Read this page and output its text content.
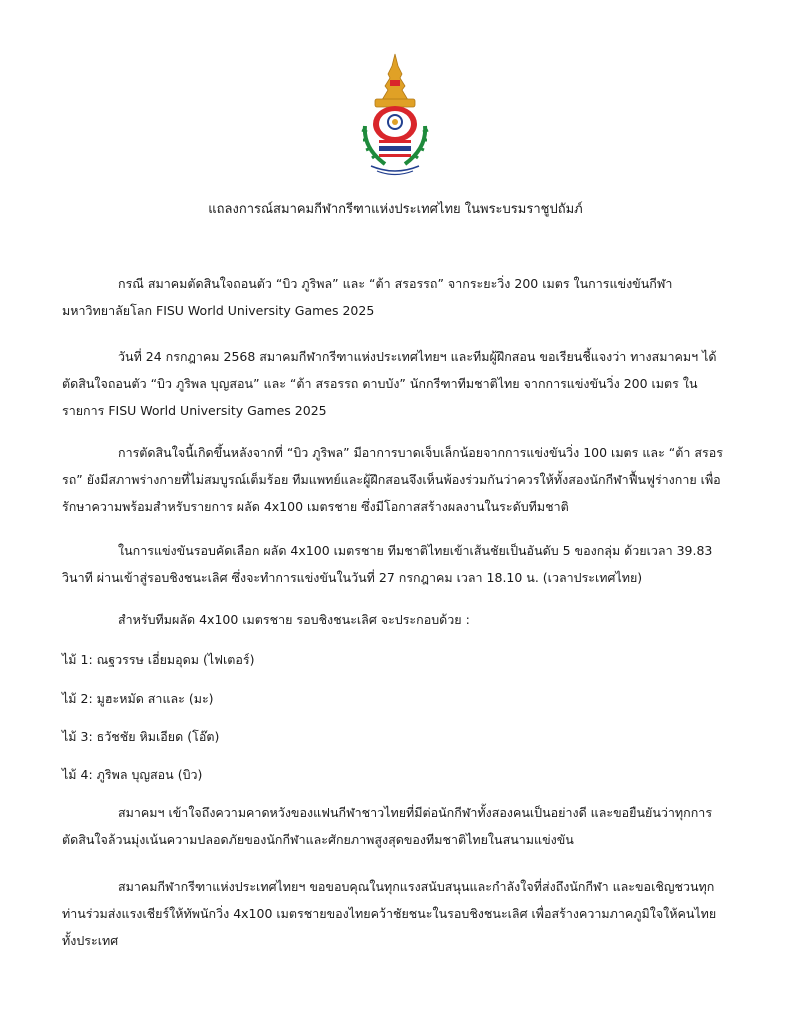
แถลงการณ์สมาคมกีฬากรีฑาแห่งประเทศไทย ในพระบรมราชูปถัมภ์

กรณี สมาคมตัดสินใจถอนตัว “บิว ภูริพล” และ “ต้า สรอรรถ” จากระยะวิ่ง 200 เมตร ในการแข่งขันกีฬามหาวิทยาลัยโลก FISU World University Games 2025

วันที่ 24 กรกฎาคม 2568 สมาคมกีฬากรีฑาแห่งประเทศไทยฯ และทีมผู้ฝึกสอน ขอเรียนชี้แจงว่า ทางสมาคมฯ ได้ตัดสินใจถอนตัว “บิว ภูริพล บุญสอน” และ “ต้า สรอรรถ ดาบบัง” นักกรีฑาทีมชาติไทย จากการแข่งขันวิ่ง 200 เมตร ในรายการ FISU World University Games 2025

การตัดสินใจนี้เกิดขึ้นหลังจากที่ “บิว ภูริพล” มีอาการบาดเจ็บเล็กน้อยจากการแข่งขันวิ่ง 100 เมตร และ “ต้า สรอรรถ” ยังมีสภาพร่างกายที่ไม่สมบูรณ์เต็มร้อย ทีมแพทย์และผู้ฝึกสอนจึงเห็นพ้องร่วมกันว่าควรให้ทั้งสองนักกีฬาฟื้นฟูร่างกาย เพื่อรักษาความพร้อมสำหรับรายการ ผลัด 4x100 เมตรชาย ซึ่งมีโอกาสสร้างผลงานในระดับทีมชาติ

ในการแข่งขันรอบคัดเลือก ผลัด 4x100 เมตรชาย ทีมชาติไทยเข้าเส้นชัยเป็นอันดับ 5 ของกลุ่ม ด้วยเวลา 39.83 วินาที ผ่านเข้าสู่รอบชิงชนะเลิศ ซึ่งจะทำการแข่งขันในวันที่ 27 กรกฎาคม เวลา 18.10 น. (เวลาประเทศไทย)

สำหรับทีมผลัด 4x100 เมตรชาย รอบชิงชนะเลิศ จะประกอบด้วย :

ไม้ 1: ณฐวรรษ เอี่ยมอุดม (ไฟเตอร์)
ไม้ 2: มูฮะหมัด สาและ (มะ)
ไม้ 3: ธวัชชัย หิมเอียด (โอ๊ต)
ไม้ 4: ภูริพล บุญสอน (บิว)

สมาคมฯ เข้าใจถึงความคาดหวังของแฟนกีฬาชาวไทยที่มีต่อนักกีฬาทั้งสองคนเป็นอย่างดี และขอยืนยันว่าทุกการตัดสินใจล้วนมุ่งเน้นความปลอดภัยของนักกีฬาและศักยภาพสูงสุดของทีมชาติไทยในสนามแข่งขัน

สมาคมกีฬากรีฑาแห่งประเทศไทยฯ ขอขอบคุณในทุกแรงสนับสนุนและกำลังใจที่ส่งถึงนักกีฬา และขอเชิญชวนทุกท่านร่วมส่งแรงเชียร์ให้ทัพนักวิ่ง 4x100 เมตรชายของไทยคว้าชัยชนะในรอบชิงชนะเลิศ เพื่อสร้างความภาคภูมิใจให้คนไทยทั้งประเทศ
